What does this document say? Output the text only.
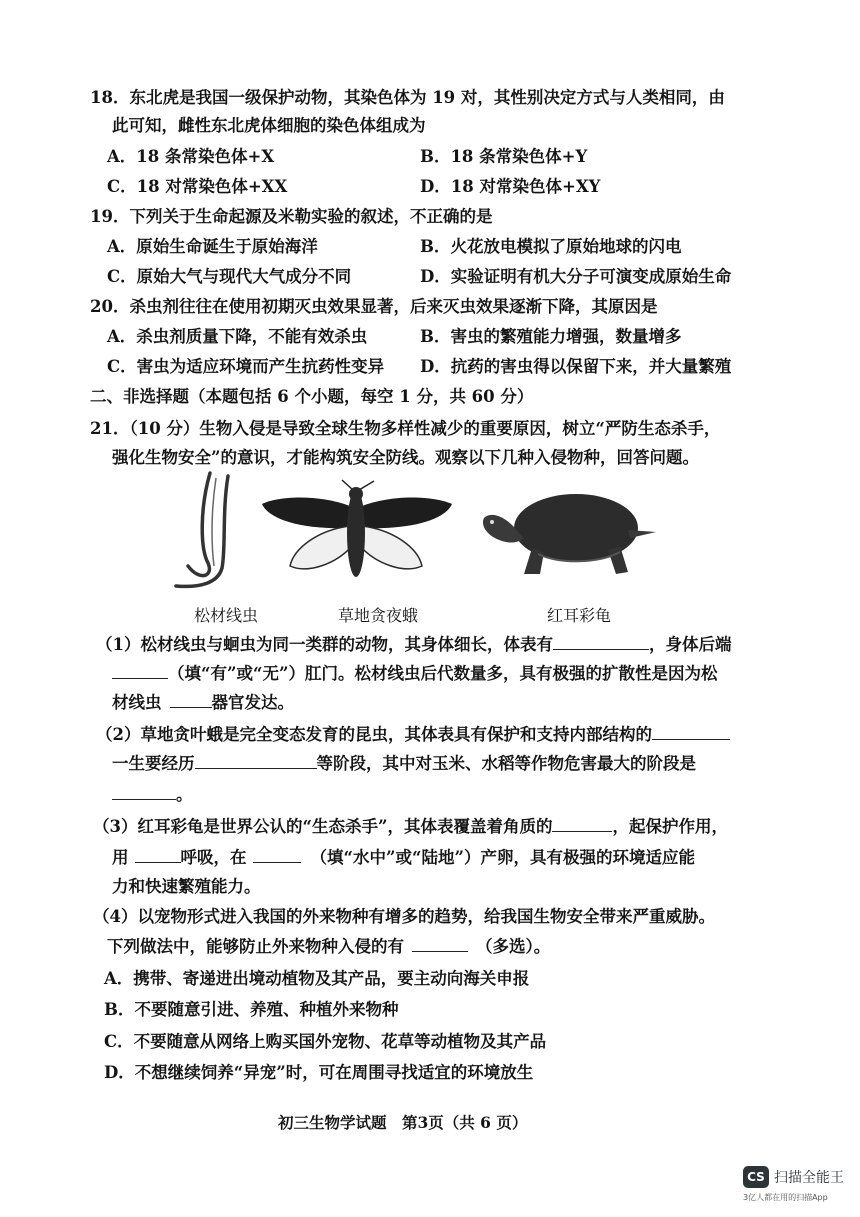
18．东北虎是我国一级保护动物，其染色体为 19 对，其性别决定方式与人类相同，由
此可知，雌性东北虎体细胞的染色体组成为
A．18 条常染色体+X	B．18 条常染色体+Y
C．18 对常染色体+XX	D．18 对常染色体+XY
19．下列关于生命起源及米勒实验的叙述，不正确的是
A．原始生命诞生于原始海洋	B．火花放电模拟了原始地球的闪电
C．原始大气与现代大气成分不同	D．实验证明有机大分子可演变成原始生命
20．杀虫剂往往在使用初期灭虫效果显著，后来灭虫效果逐渐下降，其原因是
A．杀虫剂质量下降，不能有效杀虫	B．害虫的繁殖能力增强，数量增多
C．害虫为适应环境而产生抗药性变异 D．抗药的害虫得以保留下来，并大量繁殖
二、非选择题（本题包括 6 个小题，每空 1 分，共 60 分）
21．（10 分）生物入侵是导致全球生物多样性减少的重要原因，树立“严防生态杀手，
强化生物安全”的意识，才能构筑安全防线。观察以下几种入侵物种，回答问题。
松材线虫	草地贪夜蛾	红耳彩龟
（1）松材线虫与蛔虫为同一类群的动物，其身体细长，体表有	，身体后端
（填“有”或“无”）肛门。松材线虫后代数量多，具有极强的扩散性是因为松
材线虫	器官发达。
（2）草地贪叶蛾是完全变态发育的昆虫，其体表具有保护和支持内部结构的
一生要经历	等阶段，其中对玉米、水稻等作物危害最大的阶段是
。
（3）红耳彩龟是世界公认的“生态杀手”，其体表覆盖着角质的	，起保护作用，
用	呼吸，在	（填“水中”或“陆地”）产卵，具有极强的环境适应能
力和快速繁殖能力。
（4）以宠物形式进入我国的外来物种有增多的趋势，给我国生物安全带来严重威胁。
下列做法中，能够防止外来物种入侵的有	（多选）。
A．携带、寄递进出境动植物及其产品，要主动向海关申报
B．不要随意引进、养殖、种植外来物种
C．不要随意从网络上购买国外宠物、花草等动植物及其产品
D．不想继续饲养“异宠”时，可在周围寻找适宜的环境放生
初三生物学试题　第3页（共 6 页）
CS 扫描全能王
3亿人都在用的扫描App
